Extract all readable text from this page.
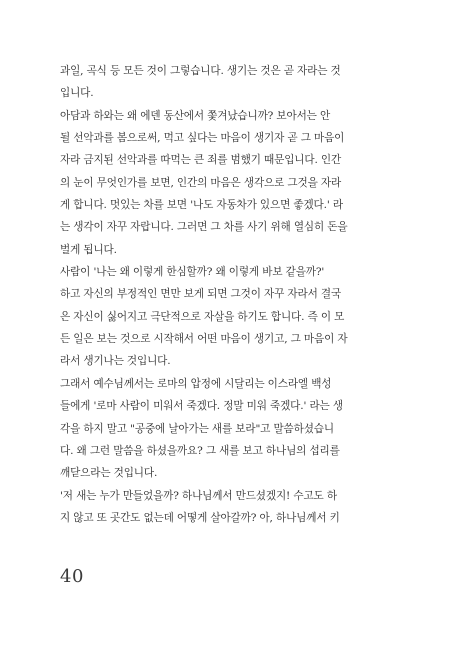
과일, 곡식 등 모든 것이 그렇습니다. 생기는 것은 곧 자라는 것
입니다.
아담과 하와는 왜 에덴 동산에서 쫓겨났습니까? 보아서는 안
될 선악과를 봄으로써, 먹고 싶다는 마음이 생기자 곧 그 마음이
자라 금지된 선악과를 따먹는 큰 죄를 범했기 때문입니다. 인간
의 눈이 무엇인가를 보면, 인간의 마음은 생각으로 그것을 자라
게 합니다. 멋있는 차를 보면 '나도 자동차가 있으면 좋겠다.' 라
는 생각이 자꾸 자랍니다. 그러면 그 차를 사기 위해 열심히 돈을
벌게 됩니다.
사람이 '나는 왜 이렇게 한심할까? 왜 이렇게 바보 같을까?'
하고 자신의 부정적인 면만 보게 되면 그것이 자꾸 자라서 결국
은 자신이 싫어지고 극단적으로 자살을 하기도 합니다. 즉 이 모
든 일은 보는 것으로 시작해서 어떤 마음이 생기고, 그 마음이 자
라서 생기나는 것입니다.
그래서 예수님께서는 로마의 압정에 시달리는 이스라엘 백성
들에게 '로마 사람이 미워서 죽겠다. 정말 미워 죽겠다.' 라는 생
각을 하지 말고 "공중에 날아가는 새를 보라"고 말씀하셨습니
다. 왜 그런 말씀을 하셨을까요? 그 새를 보고 하나님의 섭리를
깨닫으라는 것입니다.
'저 새는 누가 만들었을까? 하나님께서 만드셨겠지! 수고도 하
지 않고 또 곳간도 없는데 어떻게 살아갈까? 아, 하나님께서 키
40
